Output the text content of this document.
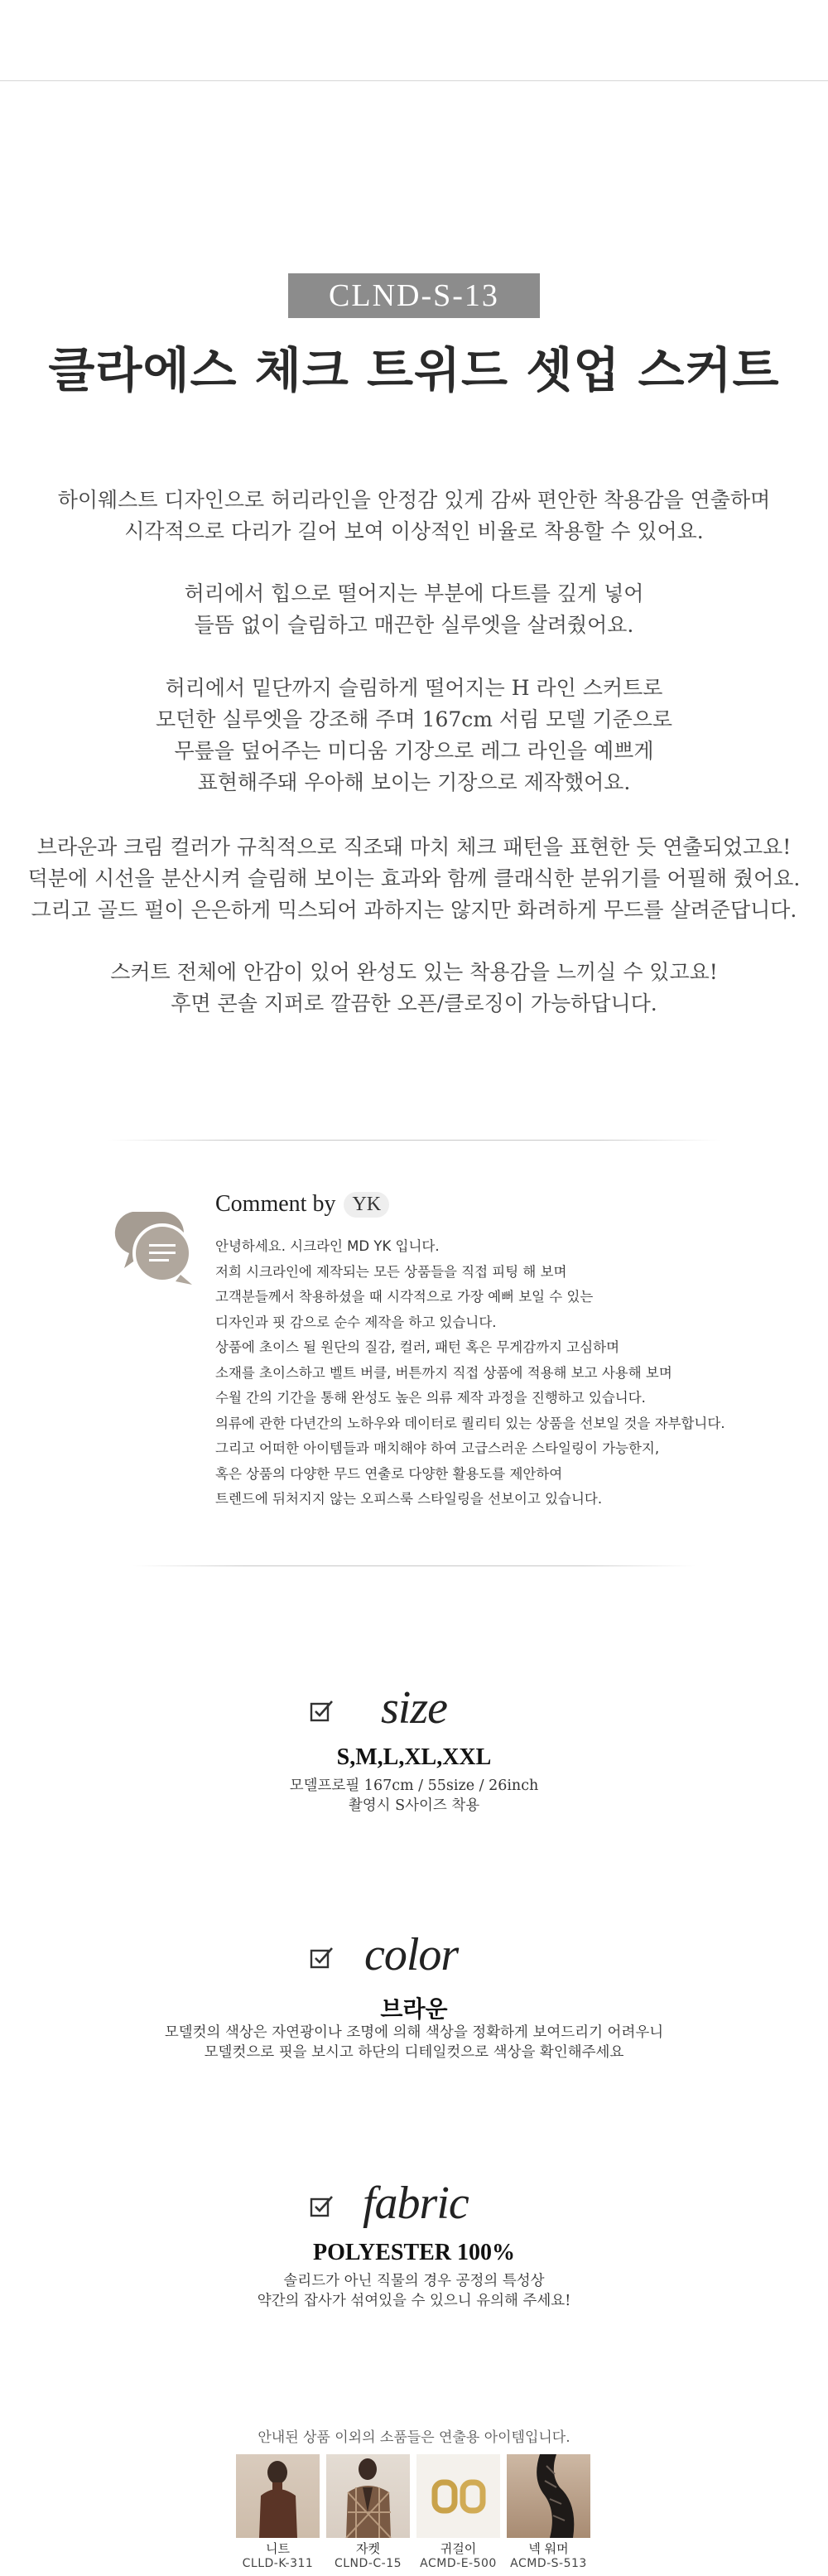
CLND-S-13
클라에스 체크 트위드 셋업 스커트

하이웨스트 디자인으로 허리라인을 안정감 있게 감싸 편안한 착용감을 연출하며

시각적으로 다리가 길어 보여 이상적인 비율로 착용할 수 있어요.

허리에서 힙으로 떨어지는 부분에 다트를 깊게 넣어

들뜸 없이 슬림하고 매끈한 실루엣을 살려줬어요.

허리에서 밑단까지 슬림하게 떨어지는 H 라인 스커트로

모던한 실루엣을 강조해 주며 167cm 서림 모델 기준으로

무릎을 덮어주는 미디움 기장으로 레그 라인을 예쁘게

표현해주돼 우아해 보이는 기장으로 제작했어요.

브라운과 크림 컬러가 규칙적으로 직조돼 마치 체크 패턴을 표현한 듯 연출되었고요!

덕분에 시선을 분산시켜 슬림해 보이는 효과와 함께 클래식한 분위기를 어필해 줬어요.

그리고 골드 펄이 은은하게 믹스되어 과하지는 않지만 화려하게 무드를 살려준답니다.

스커트 전체에 안감이 있어 완성도 있는 착용감을 느끼실 수 있고요!

후면 콘솔 지퍼로 깔끔한 오픈/클로징이 가능하답니다.

Comment by YK

안녕하세요. 시크라인 MD YK 입니다.

저희 시크라인에 제작되는 모든 상품들을 직접 피팅 해 보며

고객분들께서 착용하셨을 때 시각적으로 가장 예뻐 보일 수 있는

디자인과 핏 감으로 순수 제작을 하고 있습니다.

상품에 초이스 될 원단의 질감, 컬러, 패턴 혹은 무게감까지 고심하며

소재를 초이스하고 벨트 버클, 버튼까지 직접 상품에 적용해 보고 사용해 보며

수월 간의 기간을 통해 완성도 높은 의류 제작 과정을 진행하고 있습니다.

의류에 관한 다년간의 노하우와 데이터로 퀄리티 있는 상품을 선보일 것을 자부합니다.

그리고 어떠한 아이템들과 매치해야 하여 고급스러운 스타일링이 가능한지,

혹은 상품의 다양한 무드 연출로 다양한 활용도를 제안하여

트렌드에 뒤처지지 않는 오피스룩 스타일링을 선보이고 있습니다.

size
S,M,L,XL,XXL

모델프로필 167cm / 55size / 26inch

촬영시 S사이즈 착용

color
브라운

모델컷의 색상은 자연광이나 조명에 의해 색상을 정확하게 보여드리기 어려우니

모델컷으로 핏을 보시고 하단의 디테일컷으로 색상을 확인해주세요

fabric
POLYESTER 100%

솔리드가 아닌 직물의 경우 공정의 특성상

약간의 잡사가 섞여있을 수 있으니 유의해 주세요!

안내된 상품 이외의 소품들은 연출용 아이템입니다.
니트
CLLD-K-311
자켓
CLND-C-15
귀걸이
ACMD-E-500
넥 워머
ACMD-S-513
